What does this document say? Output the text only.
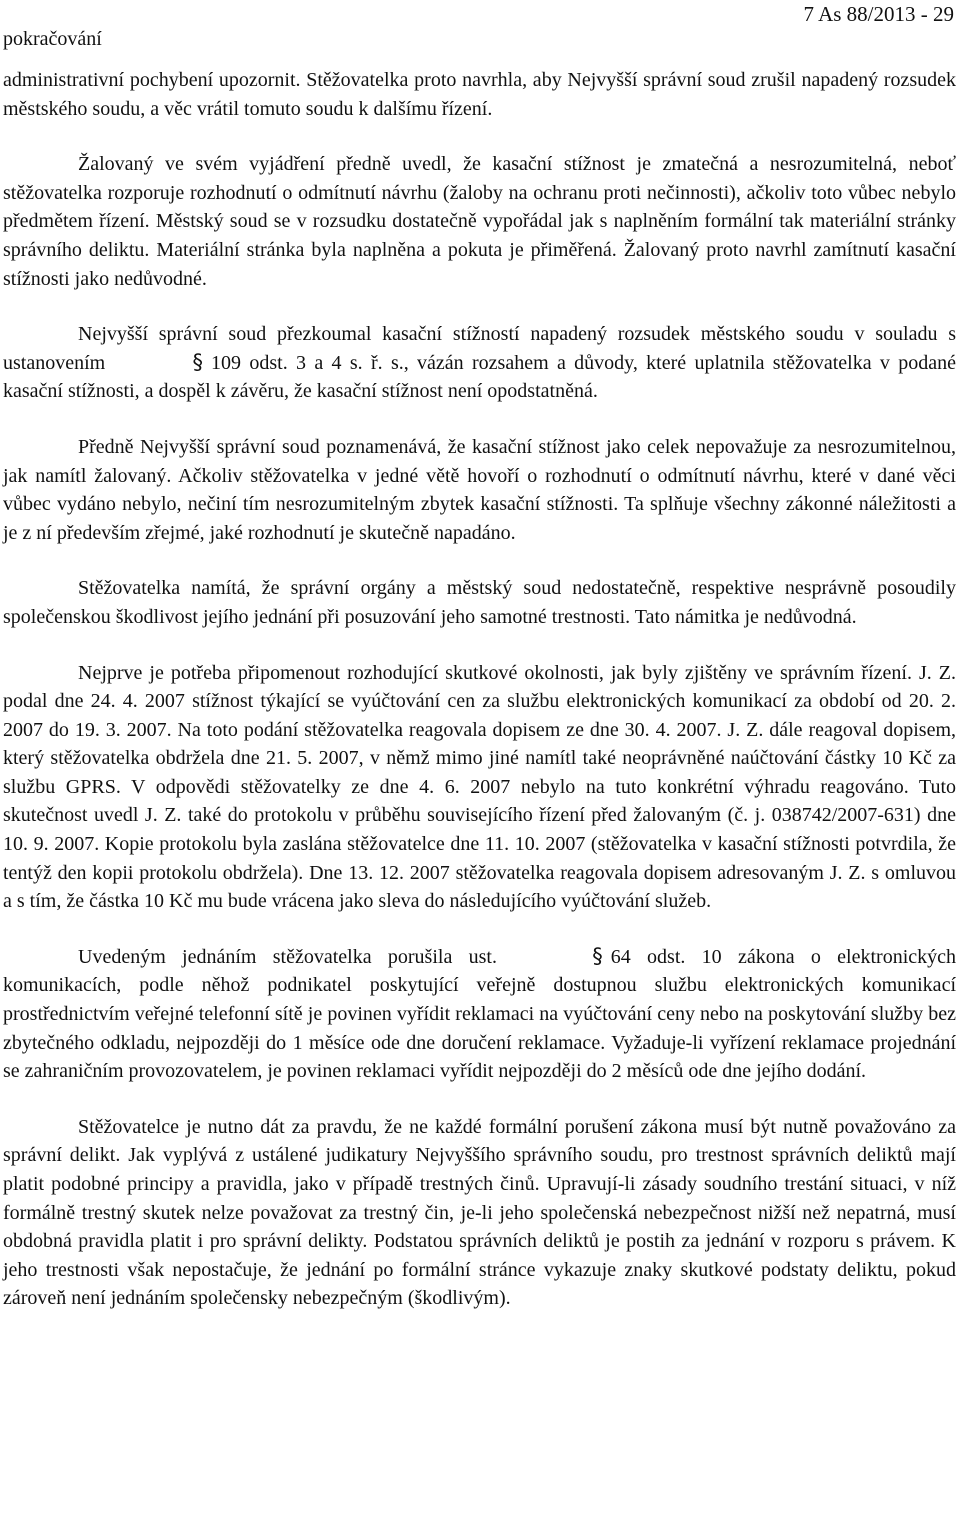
pokračování
7 As 88/2013 - 29

administrativní pochybení upozornit. Stěžovatelka proto navrhla, aby Nejvyšší správní soud zrušil napadený rozsudek městského soudu, a věc vrátil tomuto soudu k dalšímu řízení.

Žalovaný ve svém vyjádření předně uvedl, že kasační stížnost je zmatečná a nesrozumitelná, neboť stěžovatelka rozporuje rozhodnutí o odmítnutí návrhu (žaloby na ochranu proti nečinnosti), ačkoliv toto vůbec nebylo předmětem řízení. Městský soud se v rozsudku dostatečně vypořádal jak s naplněním formální tak materiální stránky správního deliktu. Materiální stránka byla naplněna a pokuta je přiměřená. Žalovaný proto navrhl zamítnutí kasační stížnosti jako nedůvodné.

Nejvyšší správní soud přezkoumal kasační stížností napadený rozsudek městského soudu v souladu s ustanovením	§ 109 odst. 3 a 4 s. ř. s., vázán rozsahem a důvody, které uplatnila stěžovatelka v podané kasační stížnosti, a dospěl k závěru, že kasační stížnost není opodstatněná.

Předně Nejvyšší správní soud poznamenává, že kasační stížnost jako celek nepovažuje za nesrozumitelnou, jak namítl žalovaný. Ačkoliv stěžovatelka v jedné větě hovoří o rozhodnutí o odmítnutí návrhu, které v dané věci vůbec vydáno nebylo, nečiní tím nesrozumitelným zbytek kasační stížnosti. Ta splňuje všechny zákonné náležitosti a je z ní především zřejmé, jaké rozhodnutí je skutečně napadáno.

Stěžovatelka namítá, že správní orgány a městský soud nedostatečně, respektive nesprávně posoudily společenskou škodlivost jejího jednání při posuzování jeho samotné trestnosti. Tato námitka je nedůvodná.

Nejprve je potřeba připomenout rozhodující skutkové okolnosti, jak byly zjištěny ve správním řízení. J. Z. podal dne 24. 4. 2007 stížnost týkající se vyúčtování cen za službu elektronických komunikací za období od 20. 2. 2007 do 19. 3. 2007. Na toto podání stěžovatelka reagovala dopisem ze dne 30. 4. 2007. J. Z. dále reagoval dopisem, který stěžovatelka obdržela dne 21. 5. 2007, v němž mimo jiné namítl také neoprávněné naúčtování částky 10 Kč za službu GPRS. V odpovědi stěžovatelky ze dne 4. 6. 2007 nebylo na tuto konkrétní výhradu reagováno. Tuto skutečnost uvedl J. Z. také do protokolu v průběhu souvisejícího řízení před žalovaným (č. j. 038742/2007-631) dne 10. 9. 2007. Kopie protokolu byla zaslána stěžovatelce dne 11. 10. 2007 (stěžovatelka v kasační stížnosti potvrdila, že tentýž den kopii protokolu obdržela). Dne 13. 12. 2007 stěžovatelka reagovala dopisem adresovaným J. Z. s omluvou a s tím, že částka 10 Kč mu bude vrácena jako sleva do následujícího vyúčtování služeb.

Uvedeným jednáním stěžovatelka porušila ust.	§ 64 odst. 10 zákona o elektronických komunikacích, podle něhož podnikatel poskytující veřejně dostupnou službu elektronických komunikací prostřednictvím veřejné telefonní sítě je povinen vyřídit reklamaci na vyúčtování ceny nebo na poskytování služby bez zbytečného odkladu, nejpozději do 1 měsíce ode dne doručení reklamace. Vyžaduje-li vyřízení reklamace projednání se zahraničním provozovatelem, je povinen reklamaci vyřídit nejpozději do 2 měsíců ode dne jejího dodání.

Stěžovatelce je nutno dát za pravdu, že ne každé formální porušení zákona musí být nutně považováno za správní delikt. Jak vyplývá z ustálené judikatury Nejvyššího správního soudu, pro trestnost správních deliktů mají platit podobné principy a pravidla, jako v případě trestných činů. Upravují-li zásady soudního trestání situaci, v níž formálně trestný skutek nelze považovat za trestný čin, je-li jeho společenská nebezpečnost nižší než nepatrná, musí obdobná pravidla platit i pro správní delikty. Podstatou správních deliktů je postih za jednání v rozporu s právem. K jeho trestnosti však nepostačuje, že jednání po formální stránce vykazuje znaky skutkové podstaty deliktu, pokud zároveň není jednáním společensky nebezpečným (škodlivým).
